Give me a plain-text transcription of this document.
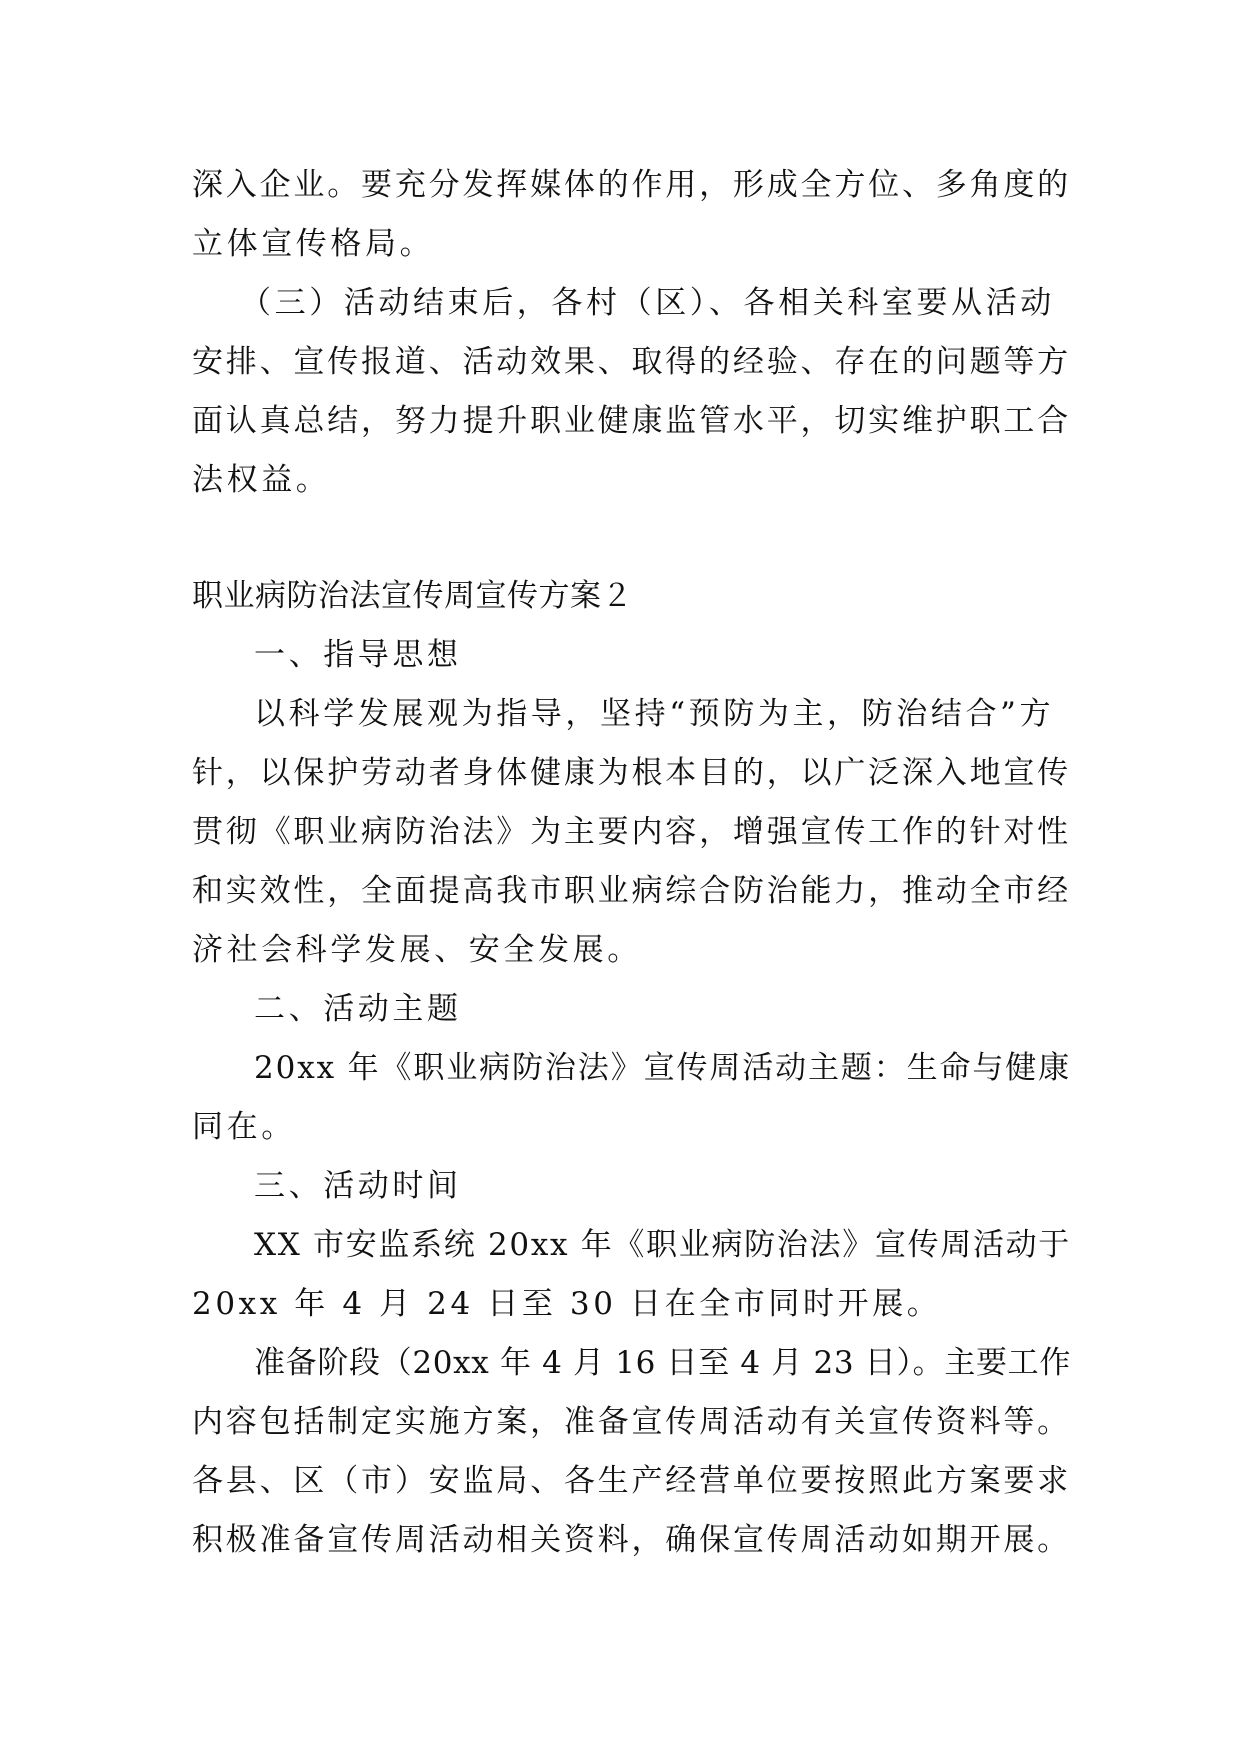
深入企业。要充分发挥媒体的作用，形成全方位、多角度的
立体宣传格局。
（三）活动结束后，各村（区）、各相关科室要从活动
安排、宣传报道、活动效果、取得的经验、存在的问题等方
面认真总结，努力提升职业健康监管水平，切实维护职工合
法权益。
职业病防治法宣传周宣传方案２
一、指导思想
以科学发展观为指导，坚持“预防为主，防治结合”方
针，以保护劳动者身体健康为根本目的，以广泛深入地宣传
贯彻《职业病防治法》为主要内容，增强宣传工作的针对性
和实效性，全面提高我市职业病综合防治能力，推动全市经
济社会科学发展、安全发展。
二、活动主题
20xx 年《职业病防治法》宣传周活动主题：生命与健康
同在。
三、活动时间
XX 市安监系统 20xx 年《职业病防治法》宣传周活动于
20xx 年 4 月 24 日至 30 日在全市同时开展。
准备阶段（20xx 年 4 月 16 日至 4 月 23 日）。主要工作
内容包括制定实施方案，准备宣传周活动有关宣传资料等。
各县、区（市）安监局、各生产经营单位要按照此方案要求
积极准备宣传周活动相关资料，确保宣传周活动如期开展。
